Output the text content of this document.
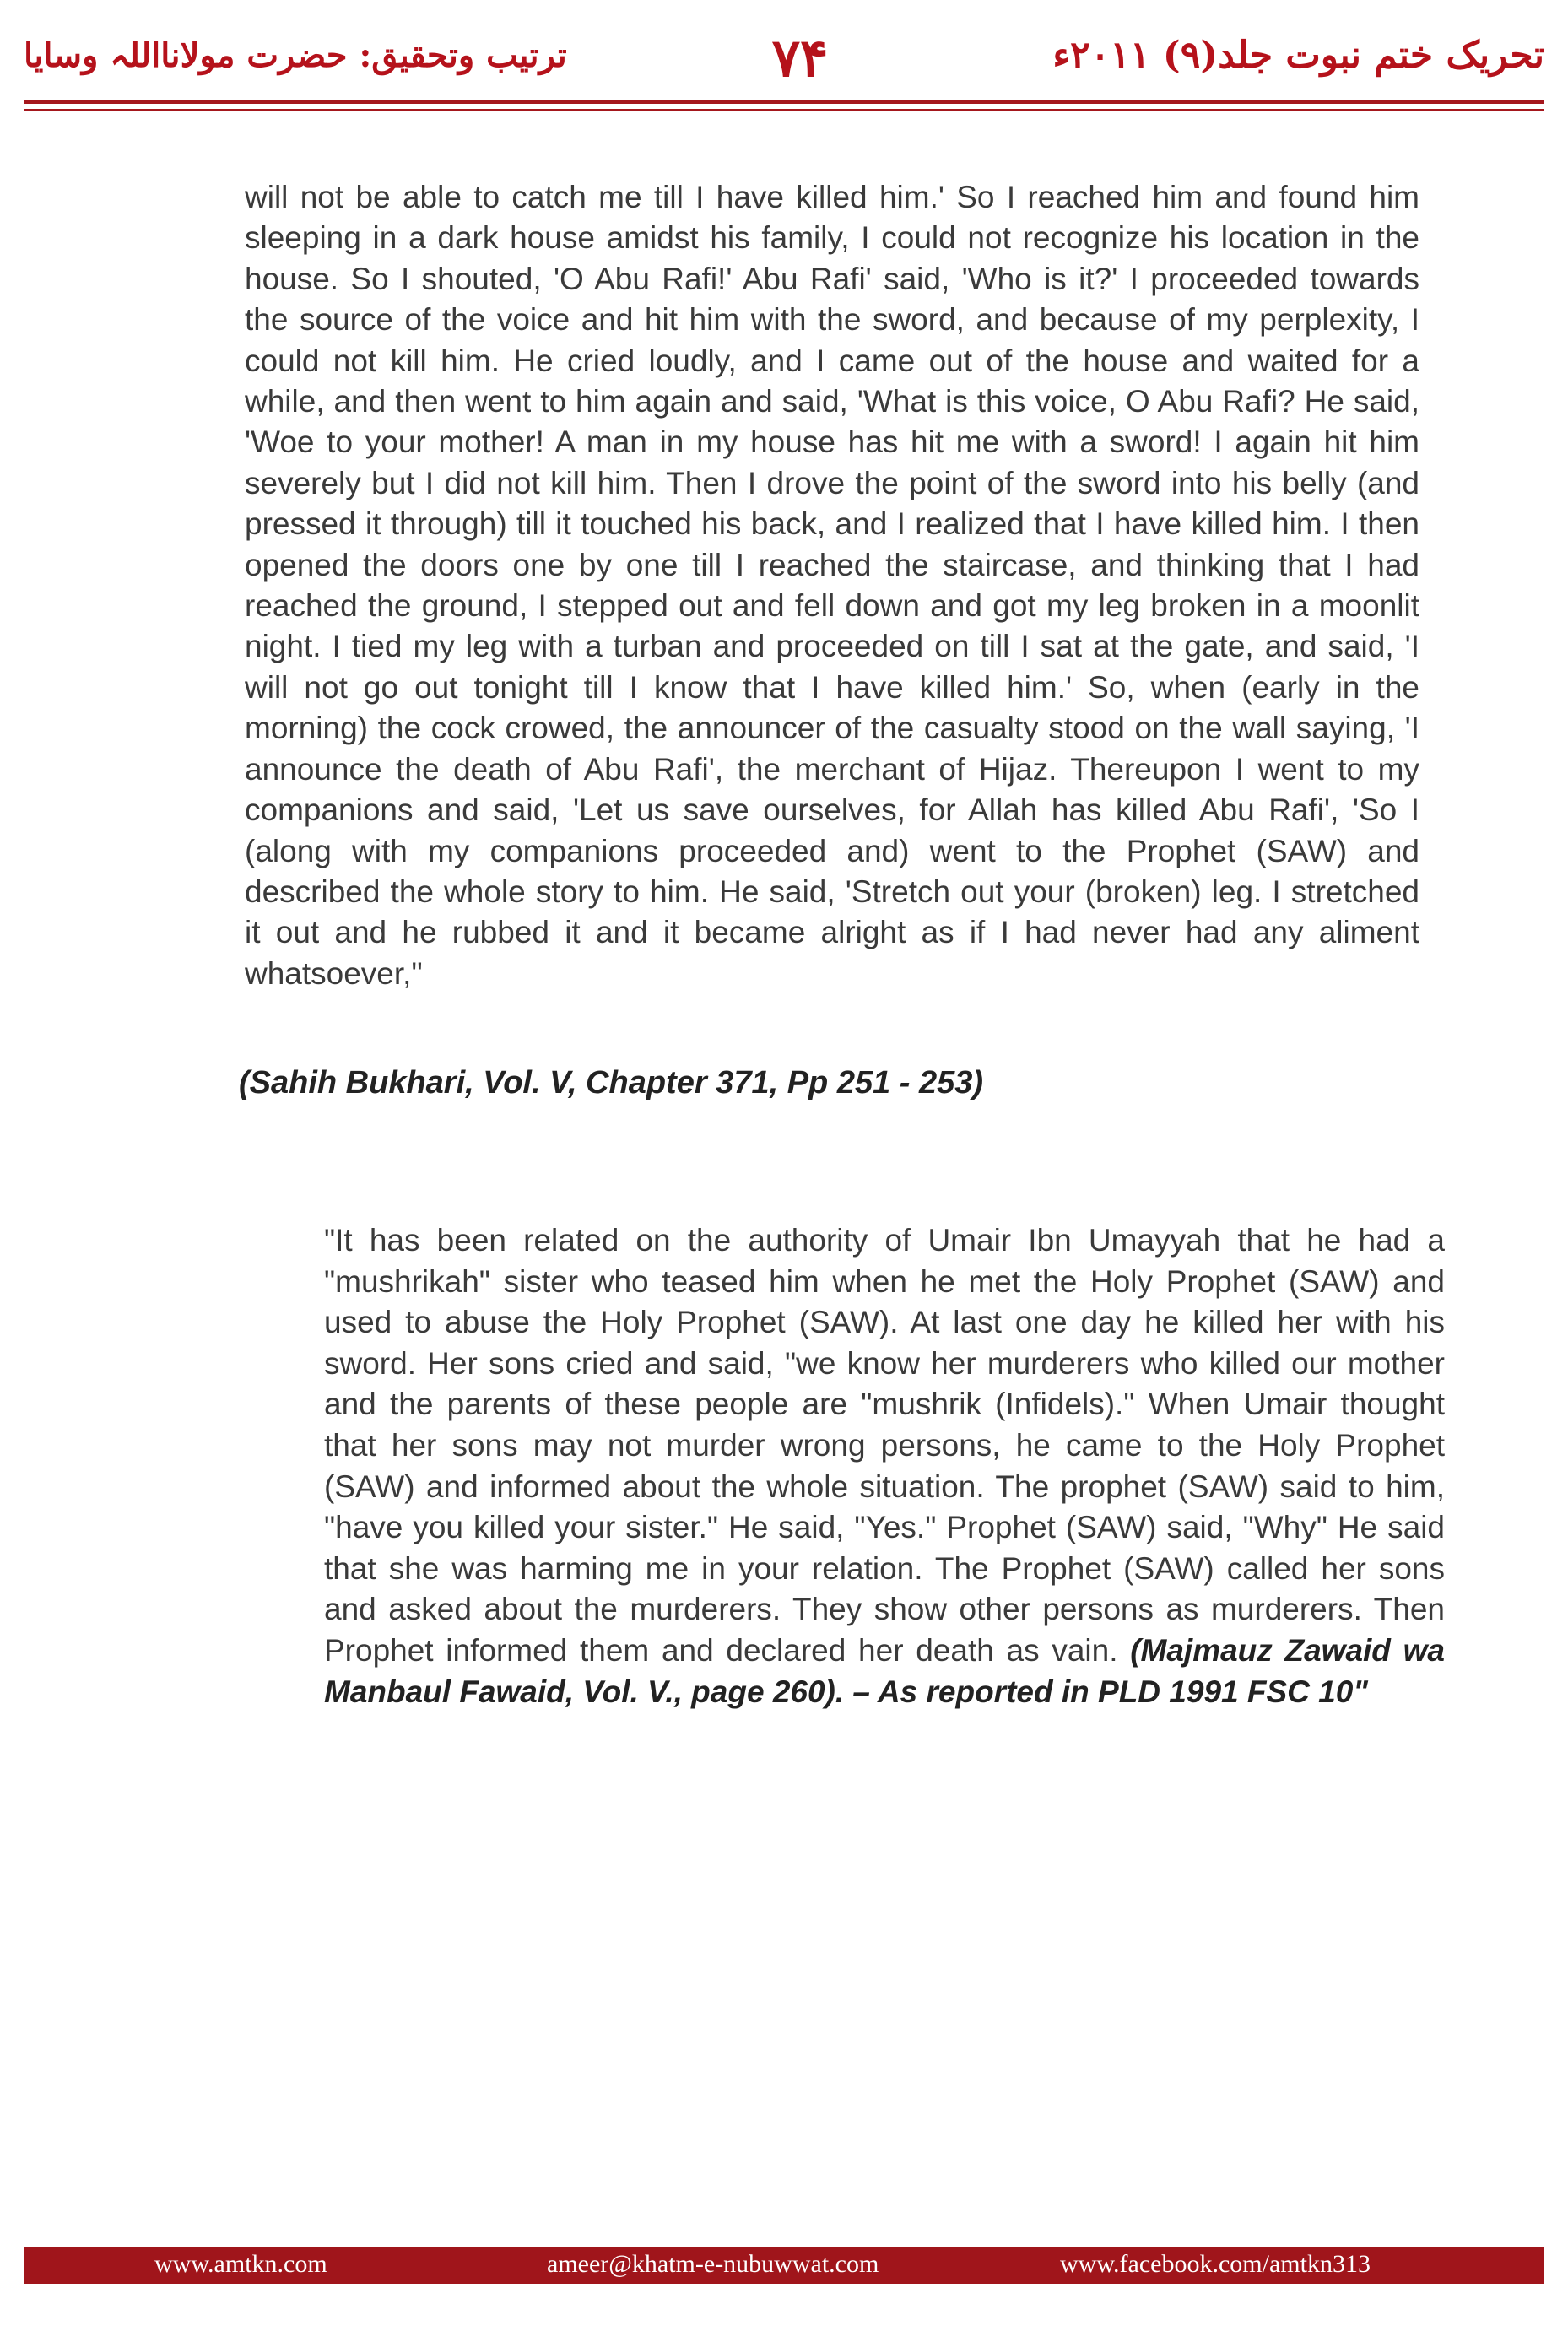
تحریک ختم نبوت جلد(۹) ۲۰۱۱ء
۷۴
ترتیب وتحقیق: حضرت مولانااللہ وسایا

will not be able to catch me till I have killed him.' So I reached him and found him sleeping in a dark house amidst his family, I could not recognize his location in the house. So I shouted, 'O Abu Rafi!' Abu Rafi' said, 'Who is it?' I proceeded towards the source of the voice and hit him with the sword, and because of my perplexity, I could not kill him. He cried loudly, and I came out of the house and waited for a while, and then went to him again and said, 'What is this voice, O Abu Rafi? He said, 'Woe to your mother! A man in my house has hit me with a sword! I again hit him severely but I did not kill him. Then I drove the point of the sword into his belly (and pressed it through) till it touched his back, and I realized that I have killed him. I then opened the doors one by one till I reached the staircase, and thinking that I had reached the ground, I stepped out and fell down and got my leg broken in a moonlit night. I tied my leg with a turban and proceeded on till I sat at the gate, and said, 'I will not go out tonight till I know that I have killed him.' So, when (early in the morning) the cock crowed, the announcer of the casualty stood on the wall saying, 'I announce the death of Abu Rafi', the merchant of Hijaz. Thereupon I went to my companions and said, 'Let us save ourselves, for Allah has killed Abu Rafi', 'So I (along with my companions proceeded and) went to the Prophet (SAW) and described the whole story to him. He said, 'Stretch out your (broken) leg. I stretched it out and he rubbed it and it became alright as if I had never had any aliment whatsoever,"

(Sahih Bukhari, Vol. V, Chapter 371, Pp 251 - 253)

"It has been related on the authority of Umair Ibn Umayyah that he had a "mushrikah" sister who teased him when he met the Holy Prophet (SAW) and used to abuse the Holy Prophet (SAW). At last one day he killed her with his sword. Her sons cried and said, "we know her murderers who killed our mother and the parents of these people are "mushrik (Infidels)." When Umair thought that her sons may not murder wrong persons, he came to the Holy Prophet (SAW) and informed about the whole situation. The prophet (SAW) said to him, "have you killed your sister." He said, "Yes." Prophet (SAW) said, "Why" He said that she was harming me in your relation. The Prophet (SAW) called her sons and asked about the murderers. They show other persons as murderers. Then Prophet informed them and declared her death as vain. (Majmauz Zawaid wa Manbaul Fawaid, Vol. V., page 260). – As reported in PLD 1991 FSC 10"

www.amtkn.com	ameer@khatm-e-nubuwwat.com	www.facebook.com/amtkn313
